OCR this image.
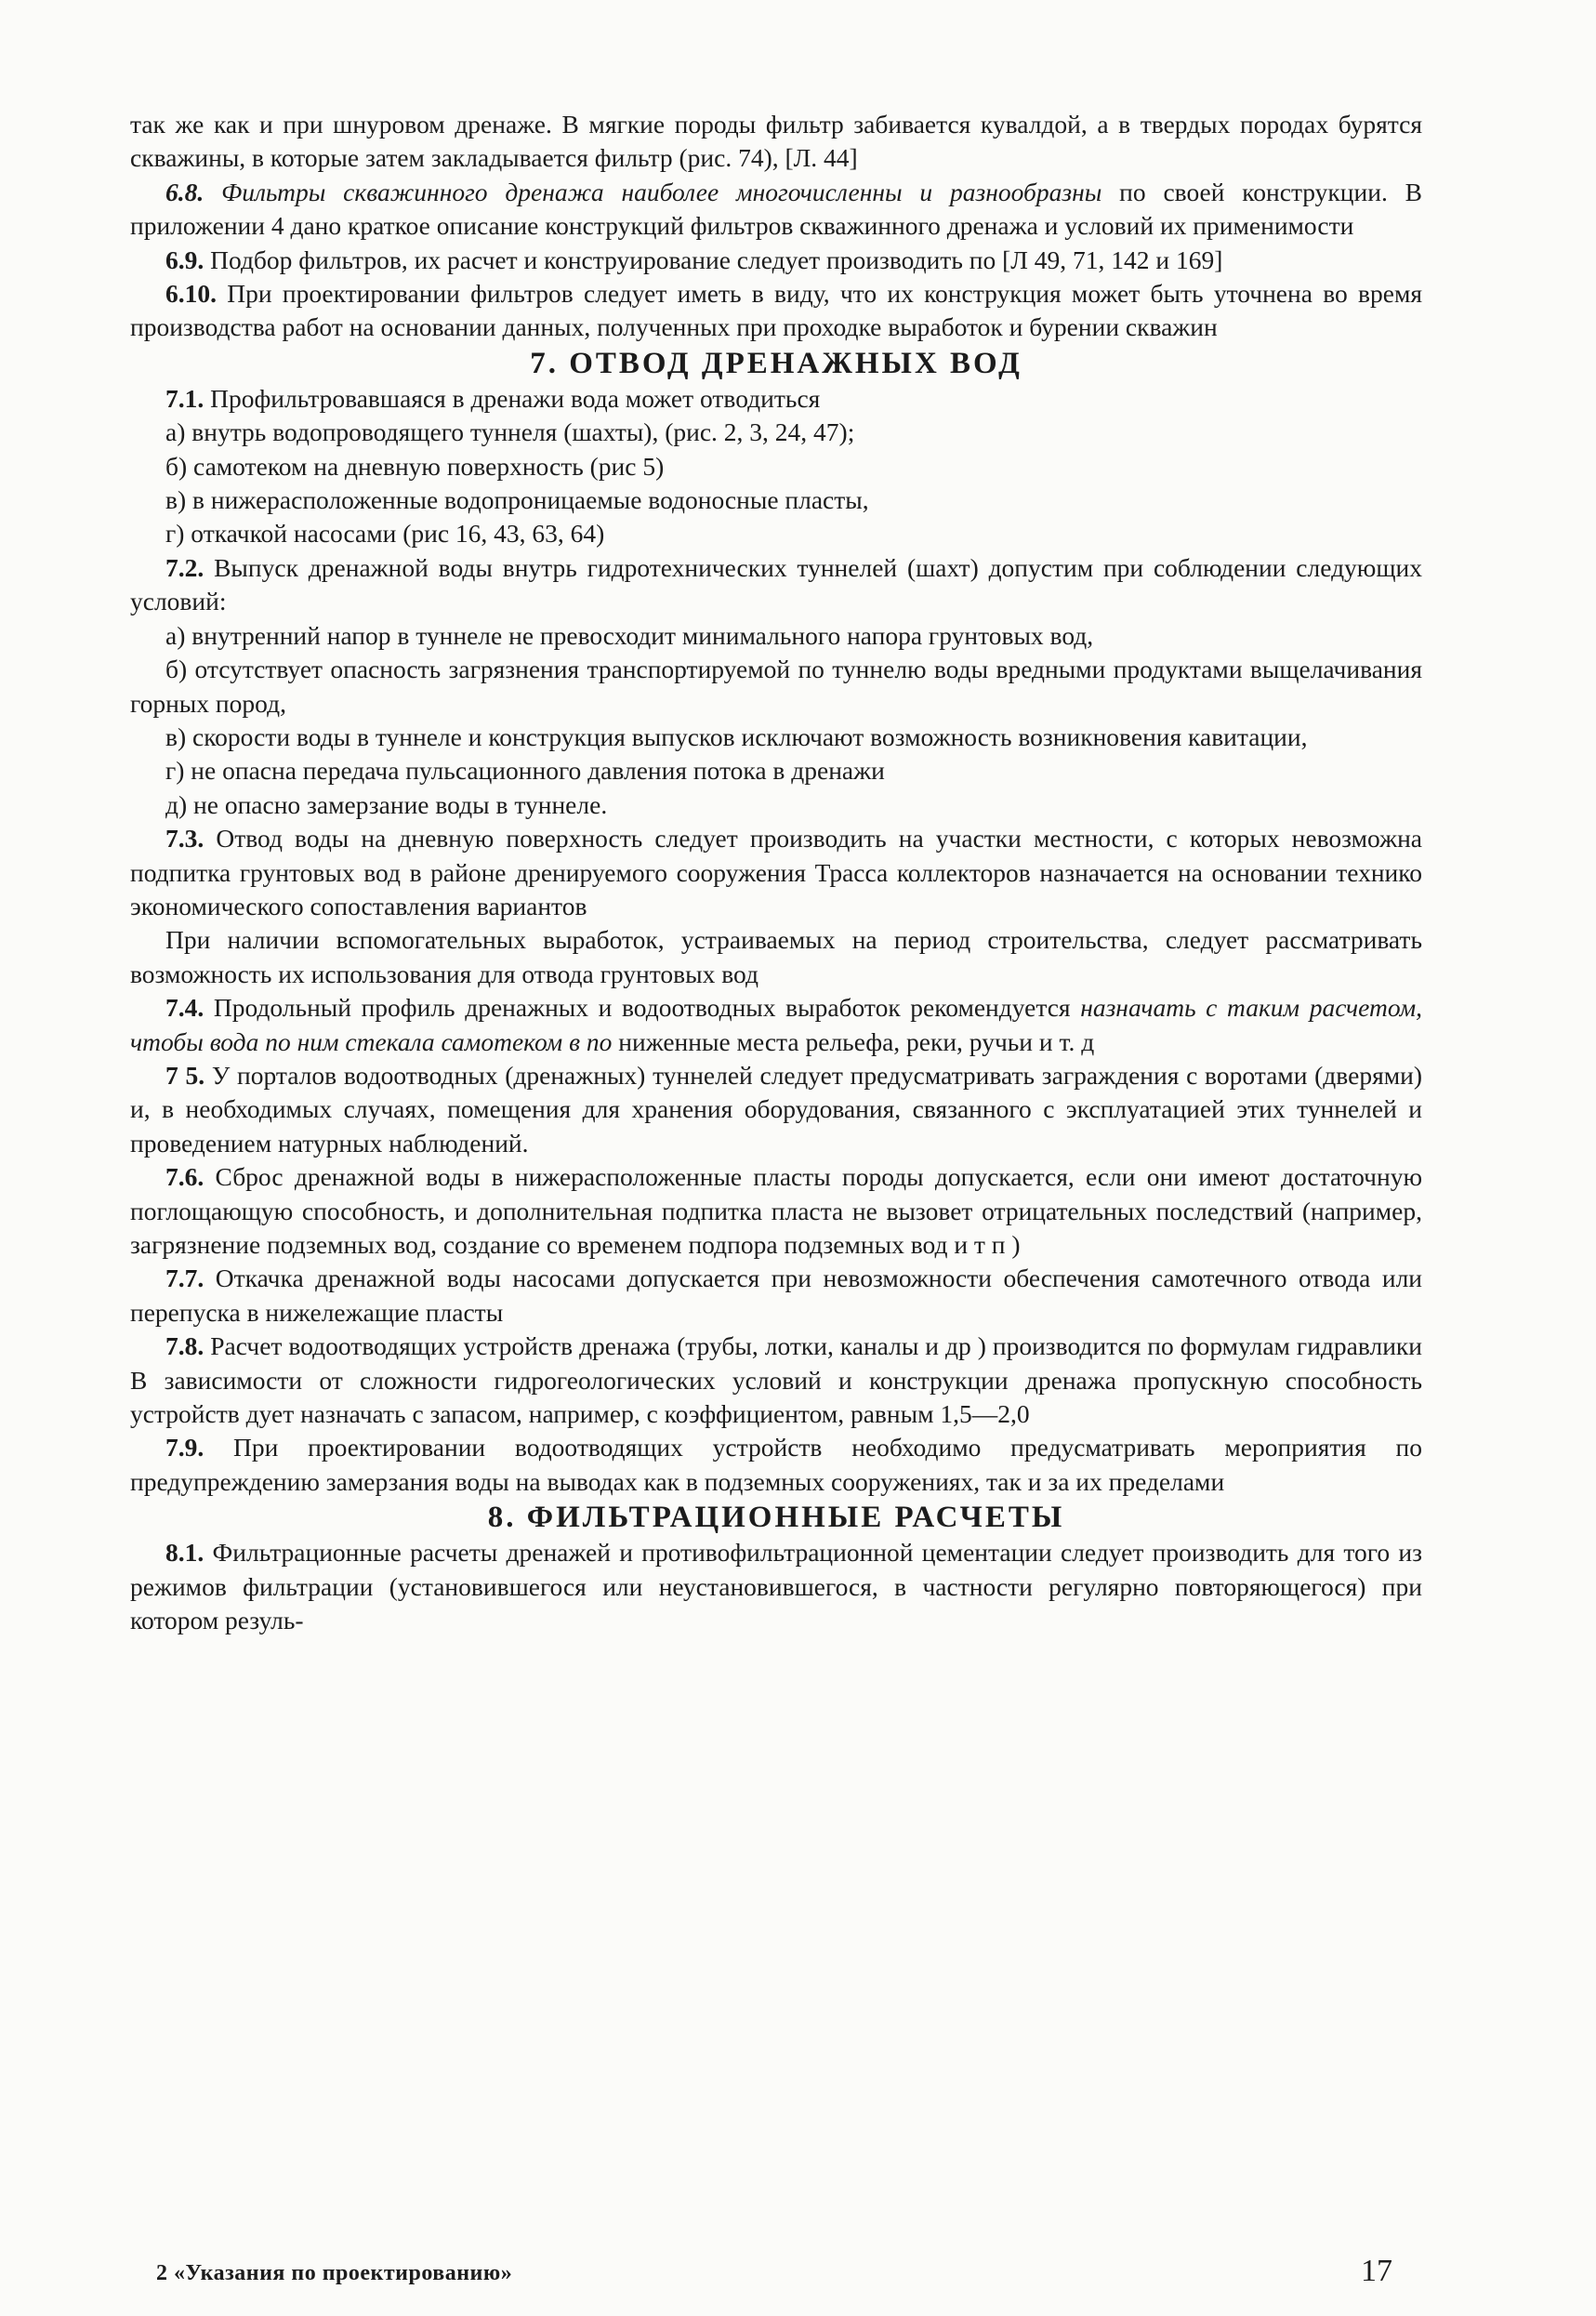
так же как и при шнуровом дренаже. В мягкие породы фильтр забивается кувалдой, а в твердых породах бурятся скважины, в которые затем закладывается фильтр (рис. 74), [Л. 44]

6.8. Фильтры скважинного дренажа наиболее многочисленны и разнообразны по своей конструкции. В приложении 4 дано краткое описание конструкций фильтров скважинного дренажа и условий их применимости

6.9. Подбор фильтров, их расчет и конструирование следует производить по [Л 49, 71, 142 и 169]

6.10. При проектировании фильтров следует иметь в виду, что их конструкция может быть уточнена во время производства работ на основании данных, полученных при проходке выработок и бурении скважин

7. ОТВОД ДРЕНАЖНЫХ ВОД

7.1. Профильтровавшаяся в дренажи вода может отводиться

а) внутрь водопроводящего туннеля (шахты), (рис. 2, 3, 24, 47);

б) самотеком на дневную поверхность (рис 5)

в) в нижерасположенные водопроницаемые водоносные пласты,

г) откачкой насосами (рис 16, 43, 63, 64)

7.2. Выпуск дренажной воды внутрь гидротехнических туннелей (шахт) допустим при соблюдении следующих условий:

а) внутренний напор в туннеле не превосходит минимального напора грунтовых вод,

б) отсутствует опасность загрязнения транспортируемой по туннелю воды вредными продуктами выщелачивания горных пород,

в) скорости воды в туннеле и конструкция выпусков исключают возможность возникновения кавитации,

г) не опасна передача пульсационного давления потока в дренажи

д) не опасно замерзание воды в туннеле.

7.3. Отвод воды на дневную поверхность следует производить на участки местности, с которых невозможна подпитка грунтовых вод в районе дренируемого сооружения Трасса коллекторов назначается на основании технико экономического сопоставления вариантов

При наличии вспомогательных выработок, устраиваемых на период строительства, следует рассматривать возможность их использования для отвода грунтовых вод

7.4. Продольный профиль дренажных и водоотводных выработок рекомендуется назначать с таким расчетом, чтобы вода по ним стекала самотеком в по ниженные места рельефа, реки, ручьи и т. д

7 5. У порталов водоотводных (дренажных) туннелей следует предусматривать заграждения с воротами (дверями) и, в необходимых случаях, помещения для хранения оборудования, связанного с эксплуатацией этих туннелей и проведением натурных наблюдений.

7.6. Сброс дренажной воды в нижерасположенные пласты породы допускается, если они имеют достаточную поглощающую способность, и дополнительная подпитка пласта не вызовет отрицательных последствий (например, загрязнение подземных вод, создание со временем подпора подземных вод и т п )

7.7. Откачка дренажной воды насосами допускается при невозможности обеспечения самотечного отвода или перепуска в нижележащие пласты

7.8. Расчет водоотводящих устройств дренажа (трубы, лотки, каналы и др ) производится по формулам гидравлики В зависимости от сложности гидрогеологических условий и конструкции дренажа пропускную способность устройств дует назначать с запасом, например, с коэффициентом, равным 1,5—2,0

7.9. При проектировании водоотводящих устройств необходимо предусматривать мероприятия по предупреждению замерзания воды на выводах как в подземных сооружениях, так и за их пределами

8. ФИЛЬТРАЦИОННЫЕ РАСЧЕТЫ

8.1. Фильтрационные расчеты дренажей и противофильтрационной цементации следует производить для того из режимов фильтрации (установившегося или неустановившегося, в частности регулярно повторяющегося) при котором резуль-

2 «Указания по проектированию»	17
